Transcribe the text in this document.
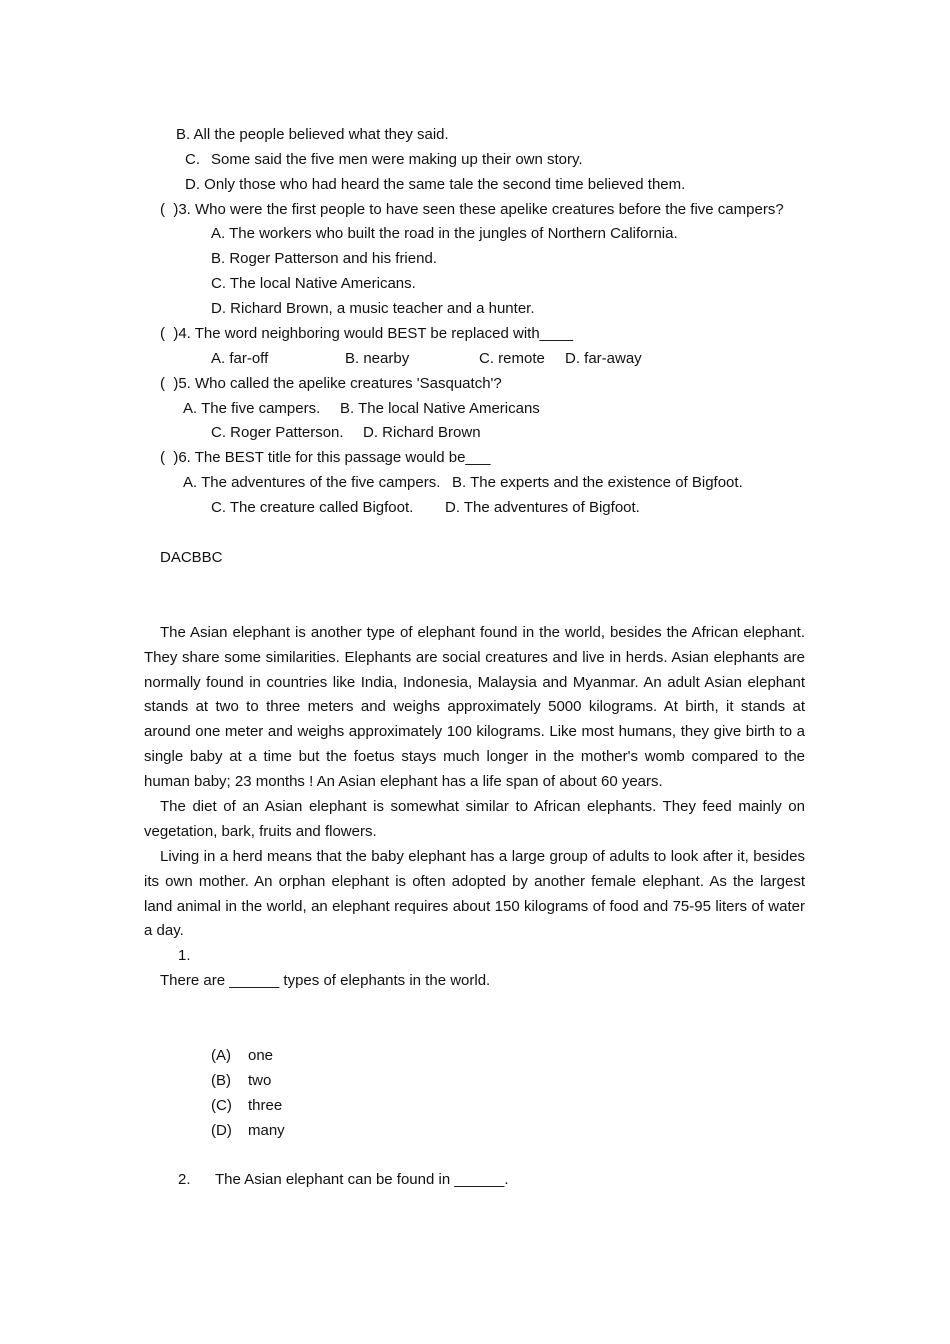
B. All the people believed what they said.
C. Some said the five men were making up their own story.
D. Only those who had heard the same tale the second time believed them.
(  )3. Who were the first people to have seen these apelike creatures before the five campers?
A. The workers who built the road in the jungles of Northern California.
B. Roger Patterson and his friend.
C. The local Native Americans.
D. Richard Brown, a music teacher and a hunter.
(  )4. The word neighboring would BEST be replaced with____
A. far-off	B. nearby	C. remote D. far-away
(  )5. Who called the apelike creatures 'Sasquatch'?
A. The five campers. B. The local Native Americans
C. Roger Patterson. D. Richard Brown
(  )6. The BEST title for this passage would be___
A. The adventures of the five campers. B. The experts and the existence of Bigfoot.
C. The creature called Bigfoot. D. The adventures of Bigfoot.
DACBBC
The Asian elephant is another type of elephant found in the world, besides the African elephant. They share some similarities. Elephants are social creatures and live in herds. Asian elephants are normally found in countries like India, Indonesia, Malaysia and Myanmar. An adult Asian elephant stands at two to three meters and weighs approximately 5000 kilograms. At birth, it stands at around one meter and weighs approximately 100 kilograms. Like most humans, they give birth to a single baby at a time but the foetus stays much longer in the mother's womb compared to the human baby; 23 months ! An Asian elephant has a life span of about 60 years.
The diet of an Asian elephant is somewhat similar to African elephants. They feed mainly on vegetation, bark, fruits and flowers.
Living in a herd means that the baby elephant has a large group of adults to look after it, besides its own mother. An orphan elephant is often adopted by another female elephant. As the largest land animal in the world, an elephant requires about 150 kilograms of food and 75-95 liters of water a day.
1.
There are ______ types of elephants in the world.
(A) one
(B) two
(C) three
(D) many
2. The Asian elephant can be found in ______.
